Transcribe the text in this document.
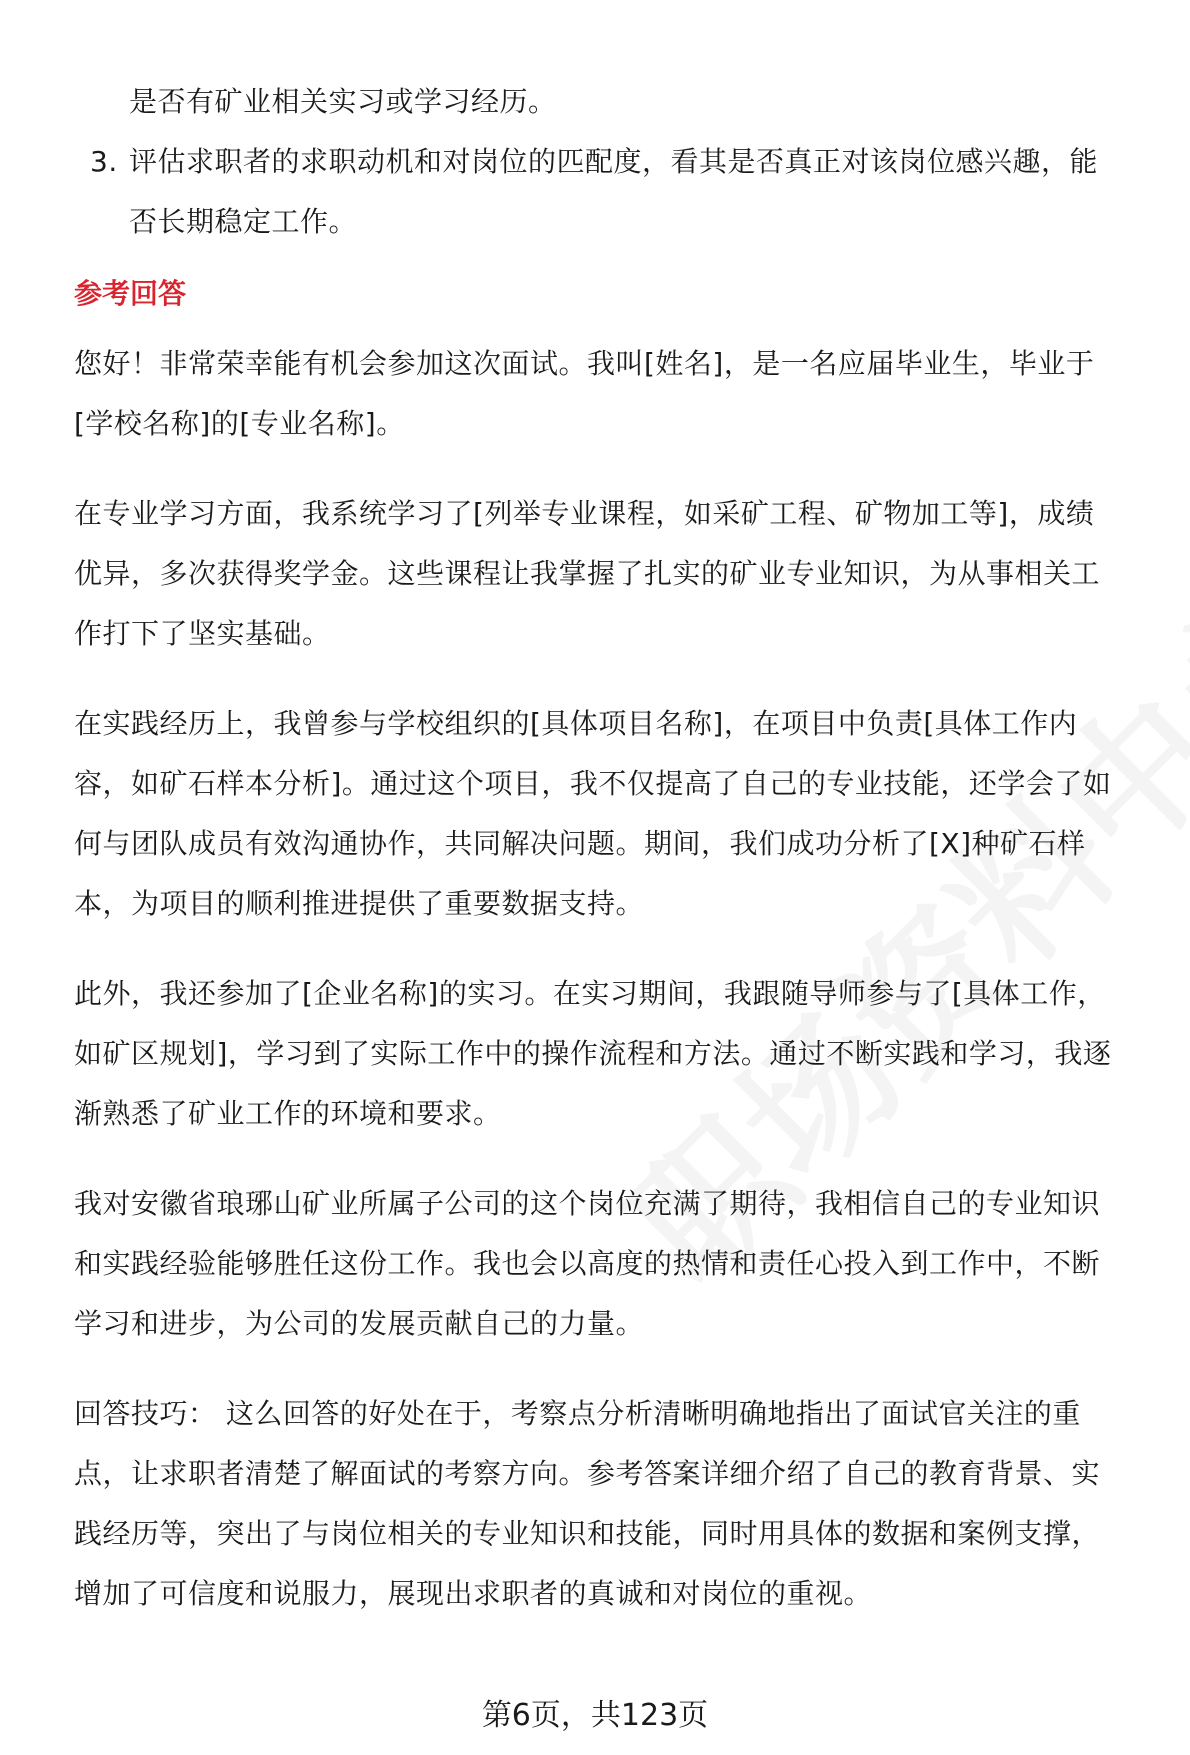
是否有矿业相关实习或学习经历。
3. 评估求职者的求职动机和对岗位的匹配度，看其是否真正对该岗位感兴趣，能
否长期稳定工作。
参考回答
您好！非常荣幸能有机会参加这次面试。我叫[姓名]，是一名应届毕业生，毕业于
[学校名称]的[专业名称]。
在专业学习方面，我系统学习了[列举专业课程，如采矿工程、矿物加工等]，成绩
优异，多次获得奖学金。这些课程让我掌握了扎实的矿业专业知识，为从事相关工
作打下了坚实基础。
在实践经历上，我曾参与学校组织的[具体项目名称]，在项目中负责[具体工作内
容，如矿石样本分析]。通过这个项目，我不仅提高了自己的专业技能，还学会了如
何与团队成员有效沟通协作，共同解决问题。期间，我们成功分析了[X]种矿石样
本，为项目的顺利推进提供了重要数据支持。
此外，我还参加了[企业名称]的实习。在实习期间，我跟随导师参与了[具体工作，
如矿区规划]，学习到了实际工作中的操作流程和方法。通过不断实践和学习，我逐
渐熟悉了矿业工作的环境和要求。
我对安徽省琅琊山矿业所属子公司的这个岗位充满了期待，我相信自己的专业知识
和实践经验能够胜任这份工作。我也会以高度的热情和责任心投入到工作中，不断
学习和进步，为公司的发展贡献自己的力量。
回答技巧： 这么回答的好处在于，考察点分析清晰明确地指出了面试官关注的重
点，让求职者清楚了解面试的考察方向。参考答案详细介绍了自己的教育背景、实
践经历等，突出了与岗位相关的专业知识和技能，同时用具体的数据和案例支撑，
增加了可信度和说服力，展现出求职者的真诚和对岗位的重视。
第6页，共123页
